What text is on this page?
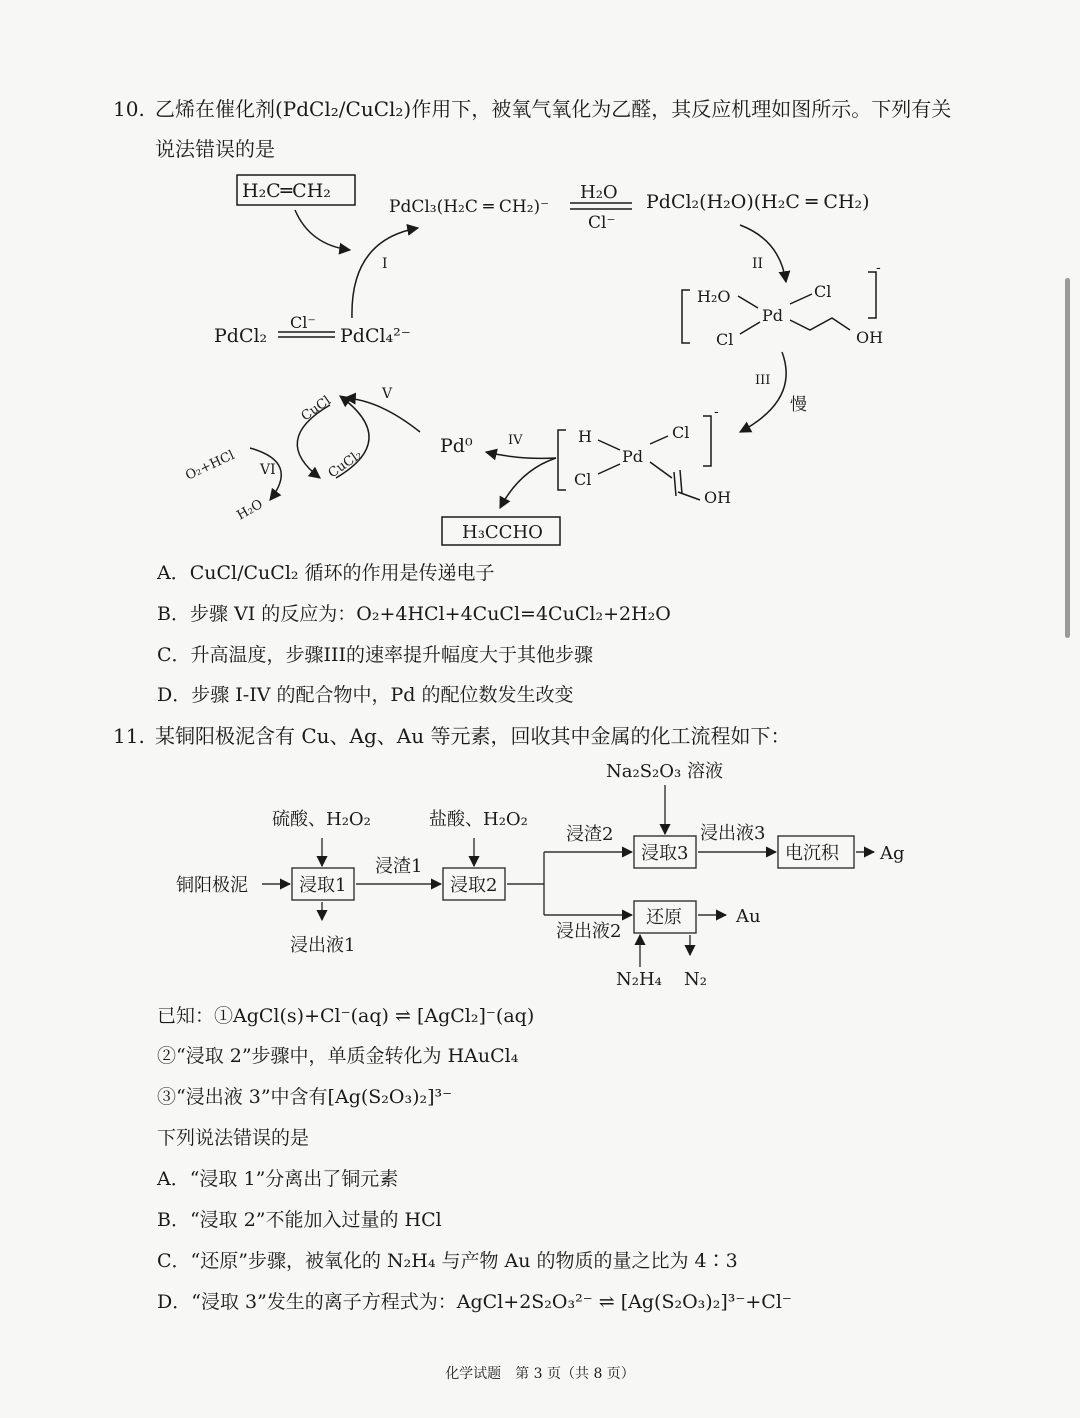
10. 乙烯在催化剂(PdCl₂/CuCl₂)作用下，被氧气氧化为乙醛，其反应机理如图所示。下列有关
说法错误的是
H₂C═CH₂
PdCl₃(H₂C ═ CH₂)⁻
H₂O
Cl⁻
PdCl₂(H₂O)(H₂C ═ CH₂)
I	II	-
H₂O	Cl
Pd
Cl	OH
PdCl₂
Cl⁻
PdCl₄²⁻
III
慢
-
H	Cl
Pd
Cl
OH
IV
Pd⁰
V
CuCl
CuCl₂
VI
O₂+HCl
H₂O
H₃CCHO
A．CuCl/CuCl₂ 循环的作用是传递电子
B．步骤 VI 的反应为：O₂+4HCl+4CuCl=4CuCl₂+2H₂O
C．升高温度，步骤III的速率提升幅度大于其他步骤
D．步骤 I-IV 的配合物中，Pd 的配位数发生改变
11. 某铜阳极泥含有 Cu、Ag、Au 等元素，回收其中金属的化工流程如下：
Na₂S₂O₃ 溶液
硫酸、H₂O₂	盐酸、H₂O₂
铜阳极泥	浸取1
浸渣1
浸取2
浸渣2
浸取3
浸出液3
电沉积 Ag
浸出液1
浸出液2
还原	Au
N₂H₄ N₂
已知：①AgCl(s)+Cl⁻(aq) ⇌ [AgCl₂]⁻(aq)
②“浸取 2”步骤中，单质金转化为 HAuCl₄
③“浸出液 3”中含有[Ag(S₂O₃)₂]³⁻
下列说法错误的是
A．“浸取 1”分离出了铜元素
B．“浸取 2”不能加入过量的 HCl
C．“还原”步骤，被氧化的 N₂H₄ 与产物 Au 的物质的量之比为 4∶3
D．“浸取 3”发生的离子方程式为：AgCl+2S₂O₃²⁻ ⇌ [Ag(S₂O₃)₂]³⁻+Cl⁻
化学试题　第 3 页（共 8 页）
